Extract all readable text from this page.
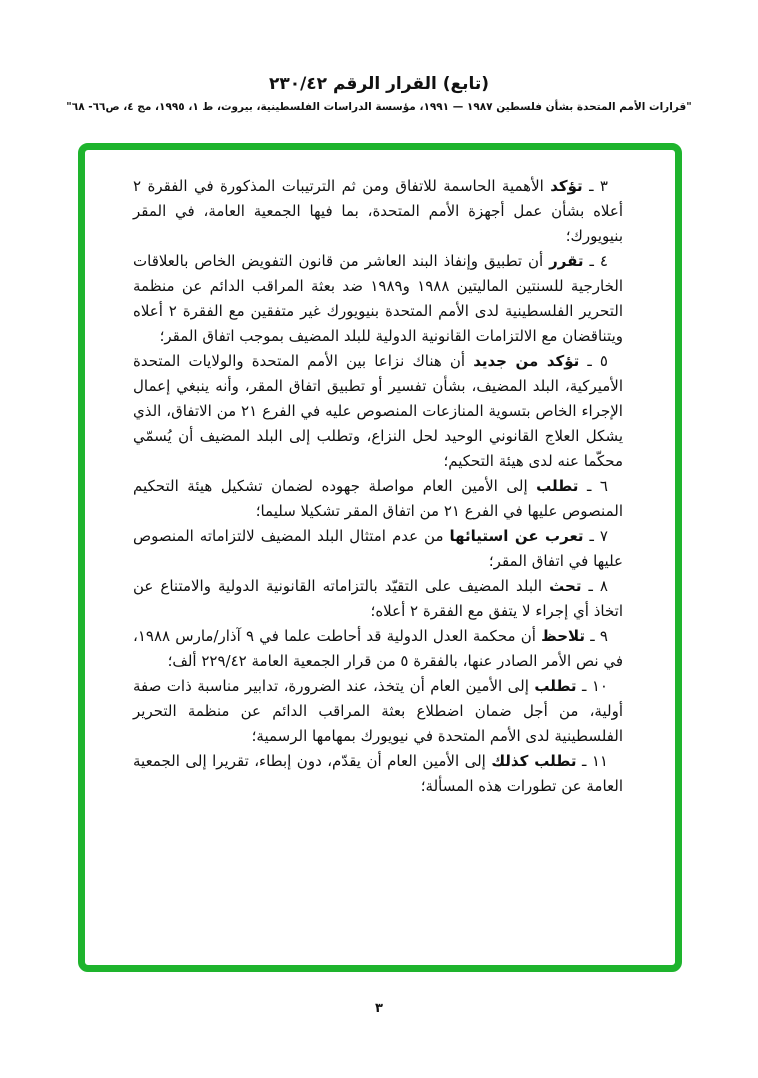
(تابع) القرار الرقم ٢٣٠/٤٢
"قرارات الأمم المتحدة بشأن فلسطين ١٩٨٧ — ١٩٩١، مؤسسة الدراسات الفلسطينية، بيروت، ط ١، ١٩٩٥، مج ٤، ص٦٦- ٦٨"

٣ ـ تؤكد الأهمية الحاسمة للاتفاق ومن ثم الترتيبات المذكورة في الفقرة ٢ أعلاه بشأن عمل أجهزة الأمم المتحدة، بما فيها الجمعية العامة، في المقر بنيويورك؛

٤ ـ تقرر أن تطبيق وإنفاذ البند العاشر من قانون التفويض الخاص بالعلاقات الخارجية للسنتين الماليتين ١٩٨٨ و١٩٨٩ ضد بعثة المراقب الدائم عن منظمة التحرير الفلسطينية لدى الأمم المتحدة بنيويورك غير متفقين مع الفقرة ٢ أعلاه ويتناقضان مع الالتزامات القانونية الدولية للبلد المضيف بموجب اتفاق المقر؛

٥ ـ تؤكد من جديد أن هناك نزاعا بين الأمم المتحدة والولايات المتحدة الأميركية، البلد المضيف، بشأن تفسير أو تطبيق اتفاق المقر، وأنه ينبغي إعمال الإجراء الخاص بتسوية المنازعات المنصوص عليه في الفرع ٢١ من الاتفاق، الذي يشكل العلاج القانوني الوحيد لحل النزاع، وتطلب إلى البلد المضيف أن يُسمّي محكّما عنه لدى هيئة التحكيم؛

٦ ـ تطلب إلى الأمين العام مواصلة جهوده لضمان تشكيل هيئة التحكيم المنصوص عليها في الفرع ٢١ من اتفاق المقر تشكيلا سليما؛

٧ ـ تعرب عن استيائها من عدم امتثال البلد المضيف لالتزاماته المنصوص عليها في اتفاق المقر؛

٨ ـ تحث البلد المضيف على التقيّد بالتزاماته القانونية الدولية والامتناع عن اتخاذ أي إجراء لا يتفق مع الفقرة ٢ أعلاه؛

٩ ـ تلاحظ أن محكمة العدل الدولية قد أحاطت علما في ٩ آذار/مارس ١٩٨٨، في نص الأمر الصادر عنها، بالفقرة ٥ من قرار الجمعية العامة ٢٢٩/٤٢ ألف؛

١٠ ـ تطلب إلى الأمين العام أن يتخذ، عند الضرورة، تدابير مناسبة ذات صفة أولية، من أجل ضمان اضطلاع بعثة المراقب الدائم عن منظمة التحرير الفلسطينية لدى الأمم المتحدة في نيويورك بمهامها الرسمية؛

١١ ـ تطلب كذلك إلى الأمين العام أن يقدّم، دون إبطاء، تقريرا إلى الجمعية العامة عن تطورات هذه المسألة؛

٣
